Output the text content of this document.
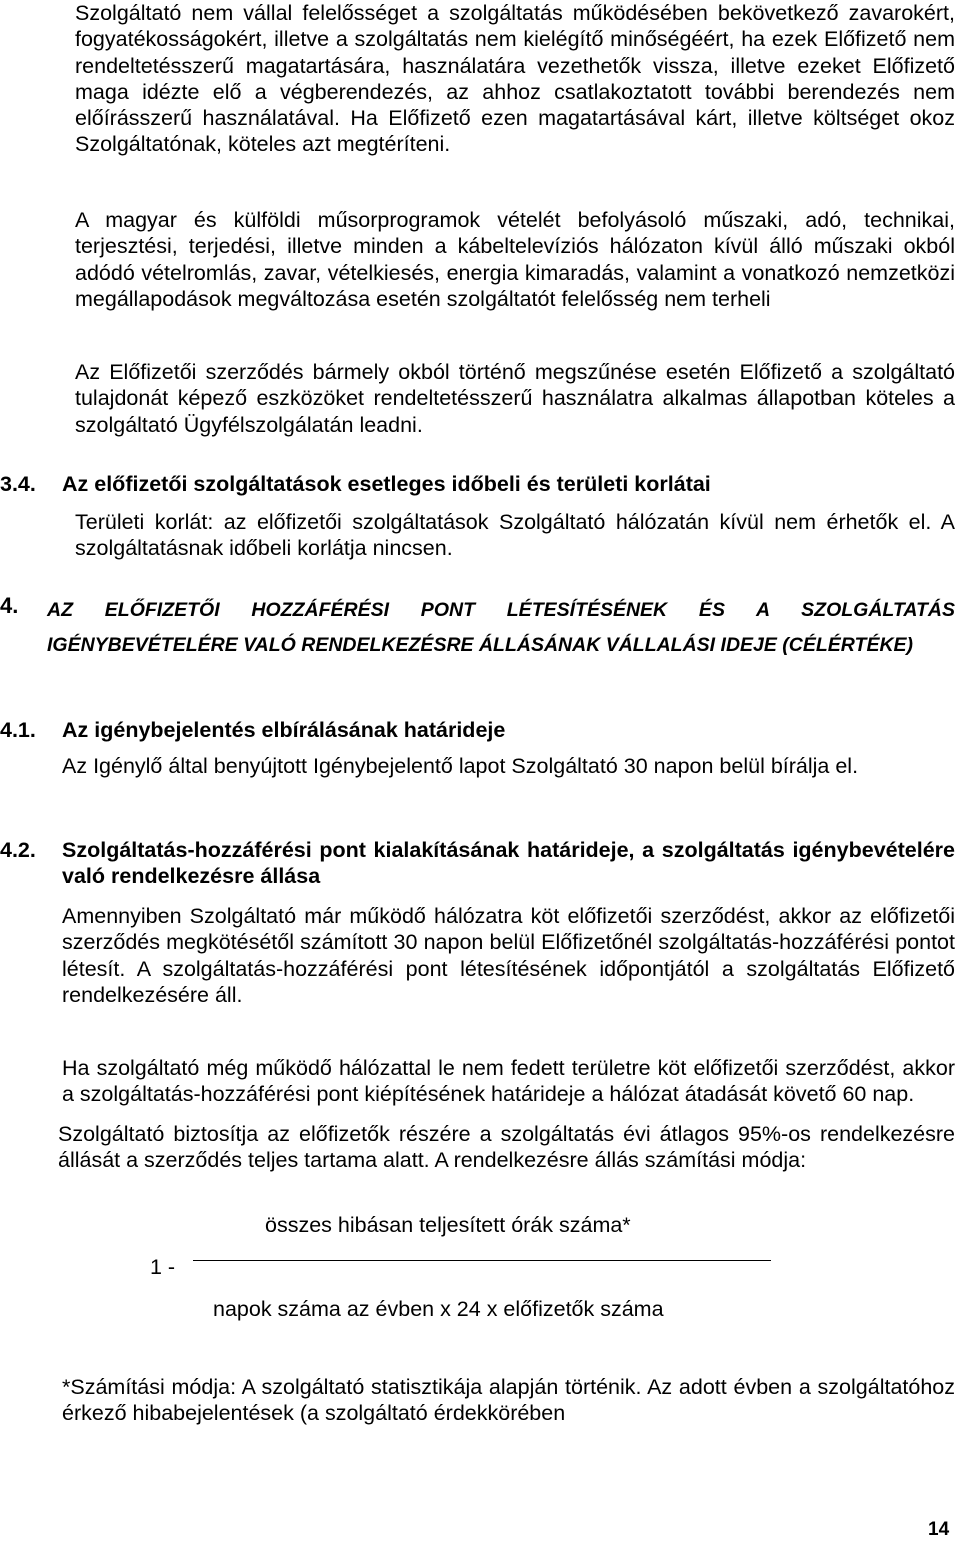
Szolgáltató nem vállal felelősséget a szolgáltatás működésében bekövetkező zavarokért, fogyatékosságokért, illetve a szolgáltatás nem kielégítő minőségéért, ha ezek Előfizető nem rendeltetésszerű magatartására, használatára vezethetők vissza, illetve ezeket Előfizető maga idézte elő a végberendezés, az ahhoz csatlakoztatott további berendezés nem előírásszerű használatával. Ha Előfizető ezen magatartásával kárt, illetve költséget okoz Szolgáltatónak, köteles azt megtéríteni.

A magyar és külföldi műsorprogramok vételét befolyásoló műszaki, adó, technikai, terjesztési, terjedési, illetve minden a kábeltelevíziós hálózaton kívül álló műszaki okból adódó vételromlás, zavar, vételkiesés, energia kimaradás, valamint a vonatkozó nemzetközi megállapodások megváltozása esetén szolgáltatót felelősség nem terheli

Az Előfizetői szerződés bármely okból történő megszűnése esetén Előfizető a szolgáltató tulajdonát képező eszközöket rendeltetésszerű használatra alkalmas állapotban köteles a szolgáltató Ügyfélszolgálatán leadni.

3.4. Az előfizetői szolgáltatások esetleges időbeli és területi korlátai

Területi korlát: az előfizetői szolgáltatások Szolgáltató hálózatán kívül nem érhetők el. A szolgáltatásnak időbeli korlátja nincsen.

4. AZ ELŐFIZETŐI HOZZÁFÉRÉSI PONT LÉTESÍTÉSÉNEK ÉS A SZOLGÁLTATÁS IGÉNYBEVÉTELÉRE VALÓ RENDELKEZÉSRE ÁLLÁSÁNAK VÁLLALÁSI IDEJE (CÉLÉRTÉKE)
4.1. Az igénybejelentés elbírálásának határideje

Az Igénylő által benyújtott Igénybejelentő lapot Szolgáltató 30 napon belül bírálja el.

4.2. Szolgáltatás-hozzáférési pont kialakításának határideje, a szolgáltatás igénybevételére való rendelkezésre állása

Amennyiben Szolgáltató már működő hálózatra köt előfizetői szerződést, akkor az előfizetői szerződés megkötésétől számított 30 napon belül Előfizetőnél szolgáltatás-hozzáférési pontot létesít. A szolgáltatás-hozzáférési pont létesítésének időpontjától a szolgáltatás Előfizető rendelkezésére áll.

Ha szolgáltató még működő hálózattal le nem fedett területre köt előfizetői szerződést, akkor a szolgáltatás-hozzáférési pont kiépítésének határideje a hálózat átadását követő 60 nap.

Szolgáltató biztosítja az előfizetők részére a szolgáltatás évi átlagos 95%-os rendelkezésre állását a szerződés teljes tartama alatt. A rendelkezésre állás számítási módja:

összes hibásan teljesített órák száma*
1 -
napok száma az évben x 24 x előfizetők száma

*Számítási módja: A szolgáltató statisztikája alapján történik. Az adott évben a szolgáltatóhoz érkező hibabejelentések (a szolgáltató érdekkörében

14
